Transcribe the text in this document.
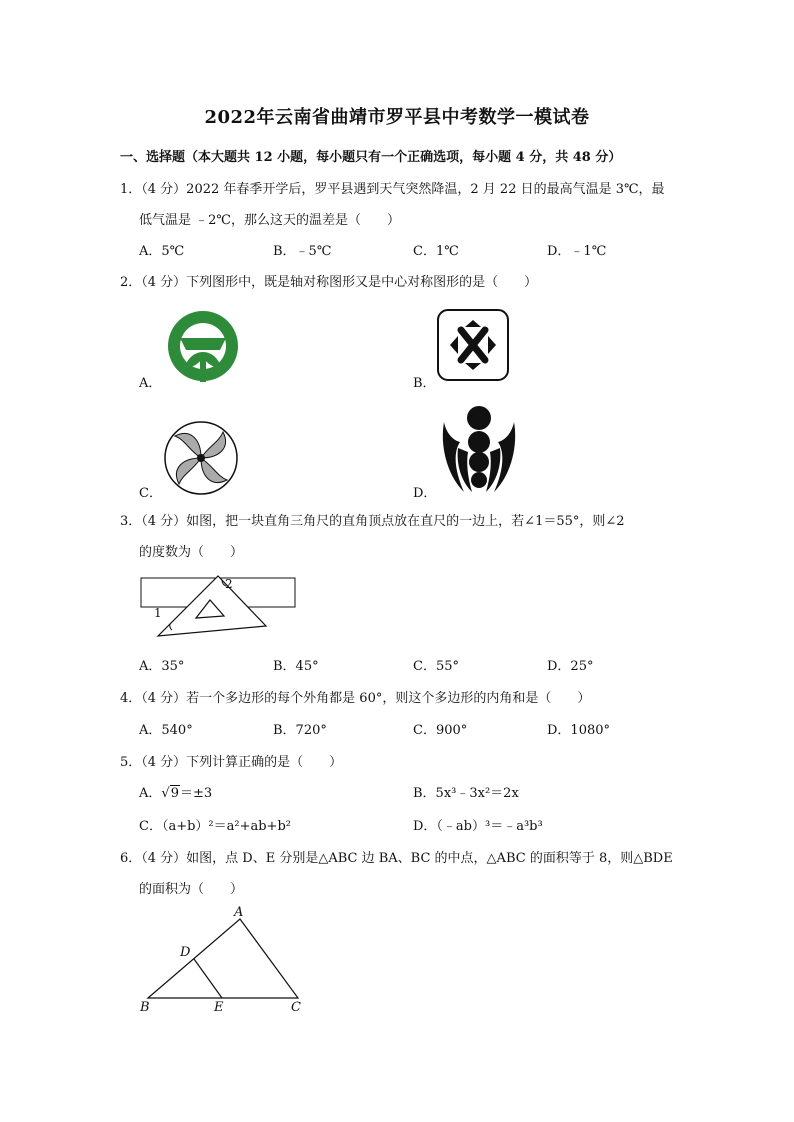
2022年云南省曲靖市罗平县中考数学一模试卷
一、选择题（本大题共 12 小题，每小题只有一个正确选项，每小题 4 分，共 48 分）
1．（4 分）2022 年春季开学后，罗平县遇到天气突然降温，2 月 22 日的最高气温是 3℃，最
低气温是 ﹣2℃，那么这天的温差是（　　）
A．5℃	B．﹣5℃	C．1℃	D．﹣1℃
2．（4 分）下列图形中，既是轴对称图形又是中心对称图形的是（　　）
A．	B．
C．	D．
3．（4 分）如图，把一块直角三角尺的直角顶点放在直尺的一边上，若∠1＝55°，则∠2
的度数为（　　）
1
2
A．35°	B．45°	C．55°	D．25°
4．（4 分）若一个多边形的每个外角都是 60°，则这个多边形的内角和是（　　）
A．540°	B．720°	C．900°	D．1080°
5．（4 分）下列计算正确的是（　　）
A．√9＝±3	B．5x³﹣3x²＝2x
C．（a+b）²＝a²+ab+b²	D．（﹣ab）³＝﹣a³b³
6．（4 分）如图，点 D、E 分别是△ABC 边 BA、BC 的中点，△ABC 的面积等于 8，则△BDE
的面积为（　　）
A
D
B	E	C
